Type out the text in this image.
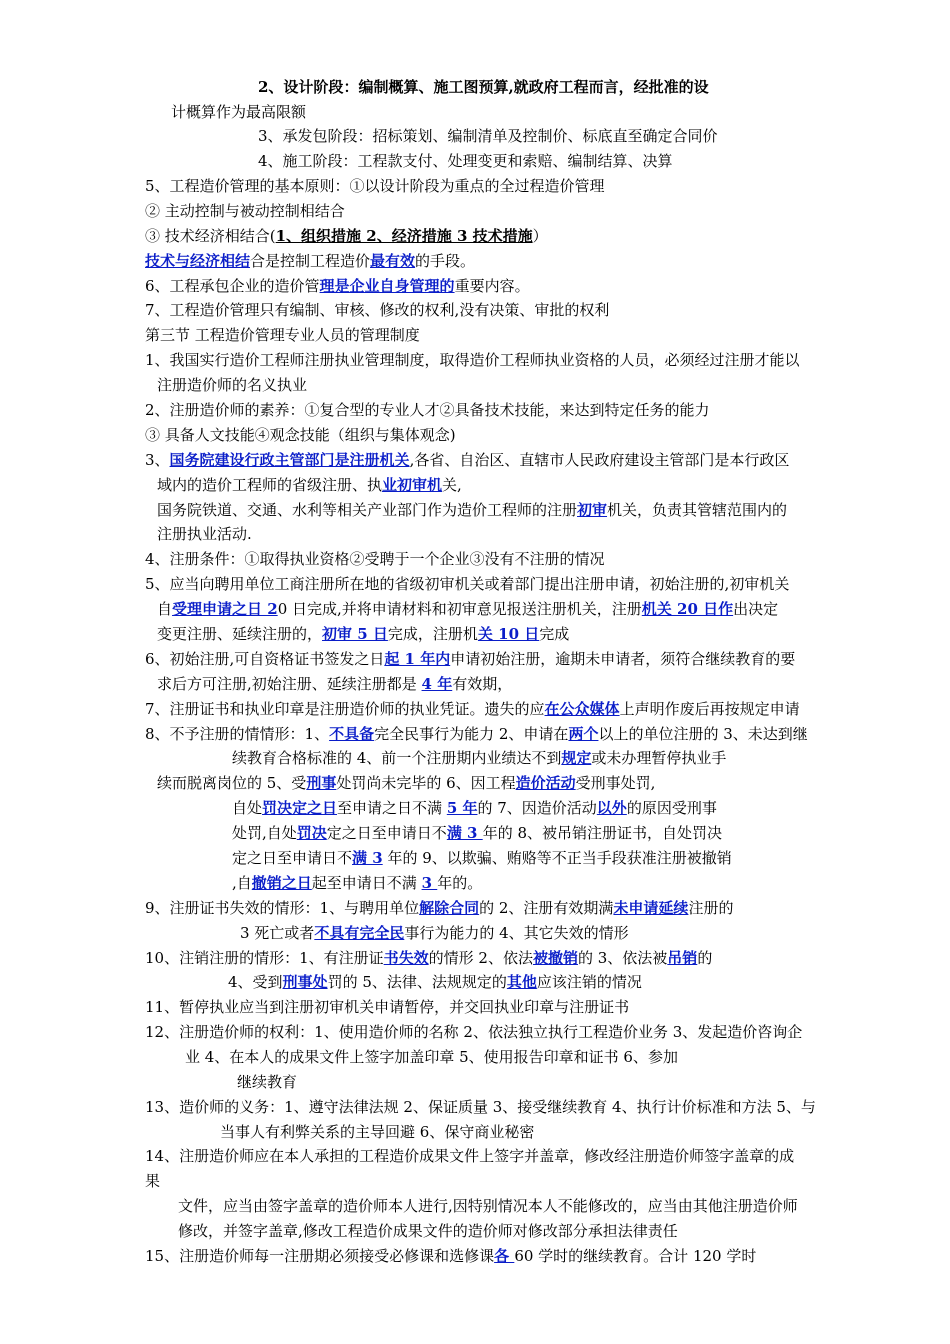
2、设计阶段：编制概算、施工图预算,就政府工程而言，经批准的设
计概算作为最高限额
3、承发包阶段：招标策划、编制清单及控制价、标底直至确定合同价
4、施工阶段：工程款支付、处理变更和索赔、编制结算、决算
5、工程造价管理的基本原则：①以设计阶段为重点的全过程造价管理
② 主动控制与被动控制相结合
③ 技术经济相结合(1、组织措施 2、经济措施 3 技术措施）
技术与经济相结合是控制工程造价最有效的手段。
6、工程承包企业的造价管理是企业自身管理的重要内容。
7、工程造价管理只有编制、审核、修改的权利,没有决策、审批的权利
第三节 工程造价管理专业人员的管理制度
1、我国实行造价工程师注册执业管理制度，取得造价工程师执业资格的人员，必须经过注册才能以
注册造价师的名义执业
2、注册造价师的素养：①复合型的专业人才②具备技术技能，来达到特定任务的能力
③ 具备人文技能④观念技能（组织与集体观念)
3、国务院建设行政主管部门是注册机关,各省、自治区、直辖市人民政府建设主管部门是本行政区
域内的造价工程师的省级注册、执业初审机关,
国务院铁道、交通、水利等相关产业部门作为造价工程师的注册初审机关，负责其管辖范围内的
注册执业活动.
4、注册条件：①取得执业资格②受聘于一个企业③没有不注册的情况
5、应当向聘用单位工商注册所在地的省级初审机关或着部门提出注册申请，初始注册的,初审机关
自受理申请之日 20 日完成,并将申请材料和初审意见报送注册机关，注册机关 20 日作出决定
变更注册、延续注册的，初审 5 日完成，注册机关 10 日完成
6、初始注册,可自资格证书签发之日起 1 年内申请初始注册，逾期未申请者，须符合继续教育的要
求后方可注册,初始注册、延续注册都是 4 年有效期，
7、注册证书和执业印章是注册造价师的执业凭证。遗失的应在公众媒体上声明作废后再按规定申请
8、不予注册的情情形：1、不具备完全民事行为能力 2、申请在两个以上的单位注册的 3、未达到继
续教育合格标准的 4、前一个注册期内业绩达不到规定或未办理暂停执业手
续而脱离岗位的 5、受刑事处罚尚未完毕的 6、因工程造价活动受刑事处罚,
自处罚决定之日至申请之日不满 5 年的 7、因造价活动以外的原因受刑事
处罚,自处罚决定之日至申请日不满 3 年的 8、被吊销注册证书，自处罚决
定之日至申请日不满 3 年的 9、以欺骗、贿赂等不正当手段获准注册被撤销
,自撤销之日起至申请日不满 3 年的。
9、注册证书失效的情形：1、与聘用单位解除合同的 2、注册有效期满未申请延续注册的
3 死亡或者不具有完全民事行为能力的 4、其它失效的情形
10、注销注册的情形：1、有注册证书失效的情形 2、依法被撤销的 3、依法被吊销的
4、受到刑事处罚的 5、法律、法规规定的其他应该注销的情况
11、暂停执业应当到注册初审机关申请暂停，并交回执业印章与注册证书
12、注册造价师的权利：1、使用造价师的名称 2、依法独立执行工程造价业务 3、发起造价咨询企
业 4、在本人的成果文件上签字加盖印章 5、使用报告印章和证书 6、参加
继续教育
13、造价师的义务：1、遵守法律法规 2、保证质量 3、接受继续教育 4、执行计价标准和方法 5、与
当事人有利弊关系的主导回避 6、保守商业秘密
14、注册造价师应在本人承担的工程造价成果文件上签字并盖章，修改经注册造价师签字盖章的成
果
文件，应当由签字盖章的造价师本人进行,因特别情况本人不能修改的，应当由其他注册造价师
修改，并签字盖章,修改工程造价成果文件的造价师对修改部分承担法律责任
15、注册造价师每一注册期必须接受必修课和选修课各 60 学时的继续教育。合计 120 学时
